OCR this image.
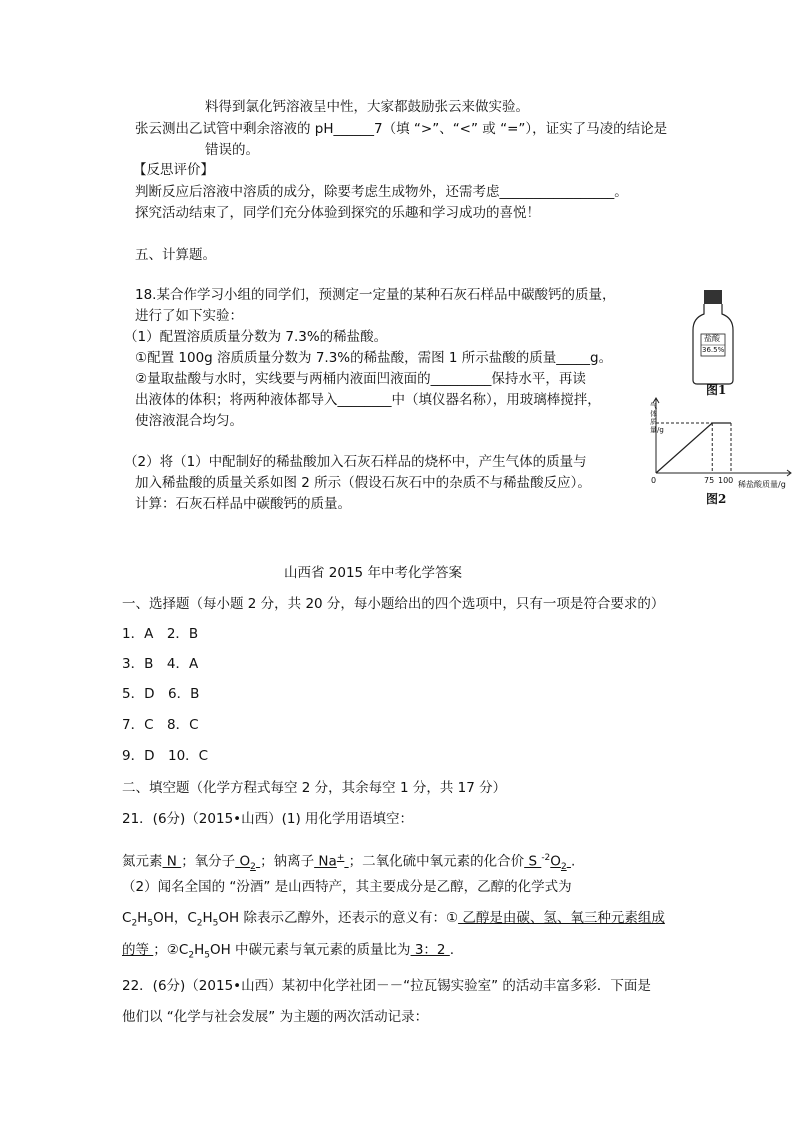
料得到氯化钙溶液呈中性，大家都鼓励张云来做实验。
张云测出乙试管中剩余溶液的 pH______7（填 “>”、“<” 或 “=”），证实了马凌的结论是
错误的。
【反思评价】
判断反应后溶液中溶质的成分，除要考虑生成物外，还需考虑_________________。
探究活动结束了，同学们充分体验到探究的乐趣和学习成功的喜悦！
五、计算题。
18.某合作学习小组的同学们，预测定一定量的某种石灰石样品中碳酸钙的质量，
进行了如下实验：
（1）配置溶质质量分数为 7.3%的稀盐酸。
①配置 100g 溶质质量分数为 7.3%的稀盐酸，需图 1 所示盐酸的质量_____g。
②量取盐酸与水时，实线要与两桶内液面凹液面的_________保持水平，再读
出液体的体积；将两种液体都导入________中（填仪器名称），用玻璃棒搅拌，
使溶液混合均匀。
（2）将（1）中配制好的稀盐酸加入石灰石样品的烧杯中，产生气体的质量与
加入稀盐酸的质量关系如图 2 所示（假设石灰石中的杂质不与稀盐酸反应）。
计算：石灰石样品中碳酸钙的质量。
山西省 2015 年中考化学答案
一、选择题（每小题 2 分，共 20 分，每小题给出的四个选项中，只有一项是符合要求的）
1．A　2．B
3．B　4．A
5．D　6．B
7．C　8．C
9．D　10．C
二、填空题（化学方程式每空 2 分，其余每空 1 分，共 17 分）
21．(6分)（2015•山西）(1) 用化学用语填空：
氮元素 N ；氧分子 $O_2$ ；钠离子 Na+ ；二氧化硫中氧元素的化合价 S $^{-2}O_2$ .
（2）闻名全国的 “汾酒” 是山西特产，其主要成分是乙醇，乙醇的化学式为
$C_2H_5OH$，$C_2H_5OH$ 除表示乙醇外，还表示的意义有：① 乙醇是由碳、氢、氧三种元素组成
的等 ；$②C_2H_5OH$ 中碳元素与氧元素的质量比为 3：2 .
22．(6分)（2015•山西）某初中化学社团－－“拉瓦锡实验室” 的活动丰富多彩．下面是
他们以 “化学与社会发展” 为主题的两次活动记录：
盐酸
36.5%
图1
气体质量/g
稀盐酸质量/g
0	75 100
图2
